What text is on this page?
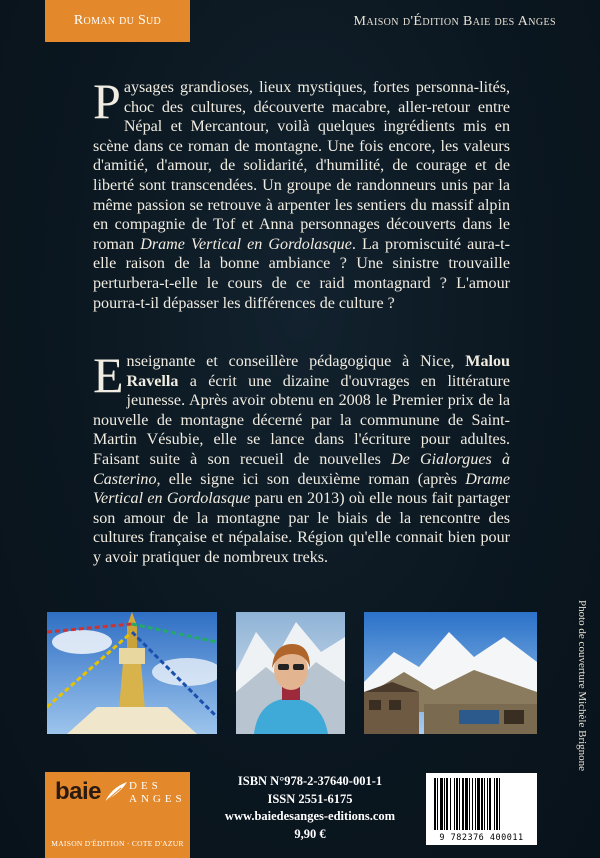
Roman du Sud	Maison d'Édition Baie des Anges
Paysages grandioses, lieux mystiques, fortes personna-lités, choc des cultures, découverte macabre, aller-retour entre Népal et Mercantour, voilà quelques ingrédients mis en scène dans ce roman de montagne. Une fois encore, les valeurs d'amitié, d'amour, de solidarité, d'humilité, de courage et de liberté sont transcendées. Un groupe de randonneurs unis par la même passion se retrouve à arpenter les sentiers du massif alpin en compagnie de Tof et Anna personnages découverts dans le roman Drame Vertical en Gordolasque. La promiscuité aura-t-elle raison de la bonne ambiance ? Une sinistre trouvaille perturbera-t-elle le cours de ce raid montagnard ? L'amour pourra-t-il dépasser les différences de culture ?
Enseignante et conseillère pédagogique à Nice, Malou Ravella a écrit une dizaine d'ouvrages en littérature jeunesse. Après avoir obtenu en 2008 le Premier prix de la nouvelle de montagne décerné par la communune de Saint-Martin Vésubie, elle se lance dans l'écriture pour adultes. Faisant suite à son recueil de nouvelles De Gialorgues à Casterino, elle signe ici son deuxième roman (après Drame Vertical en Gordolasque paru en 2013) où elle nous fait partager son amour de la montagne par le biais de la rencontre des cultures française et népalaise. Région qu'elle connait bien pour y avoir pratiquer de nombreux treks.
Photo de couverture Michèle Brignone
baie	DES
ANGES
MAISON D'ÉDITION · COTE D'AZUR
ISBN N°978-2-37640-001-1
ISSN 2551-6175
www.baiedesanges-editions.com
9,90 €	9 782376 400011
